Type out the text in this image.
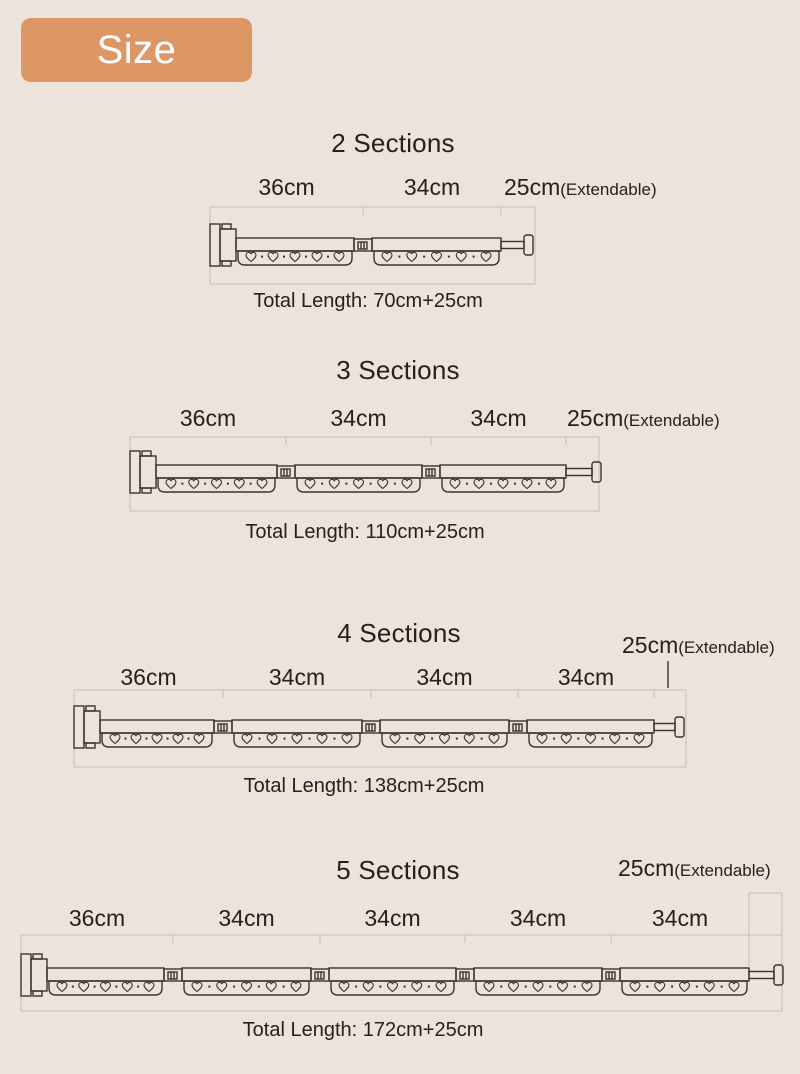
Size
2 Sections
36cm	34cm 25cm (Extendable)
Total Length: 70cm+25cm
3 Sections
36cm	34cm	34cm 25cm (Extendable)
Total Length: 110cm+25cm
4 Sections
36cm	34cm	34cm	34cm
25cm (Extendable)
Total Length: 138cm+25cm
5 Sections
36cm	34cm	34cm	34cm	34cm
25cm (Extendable)
Total Length: 172cm+25cm
